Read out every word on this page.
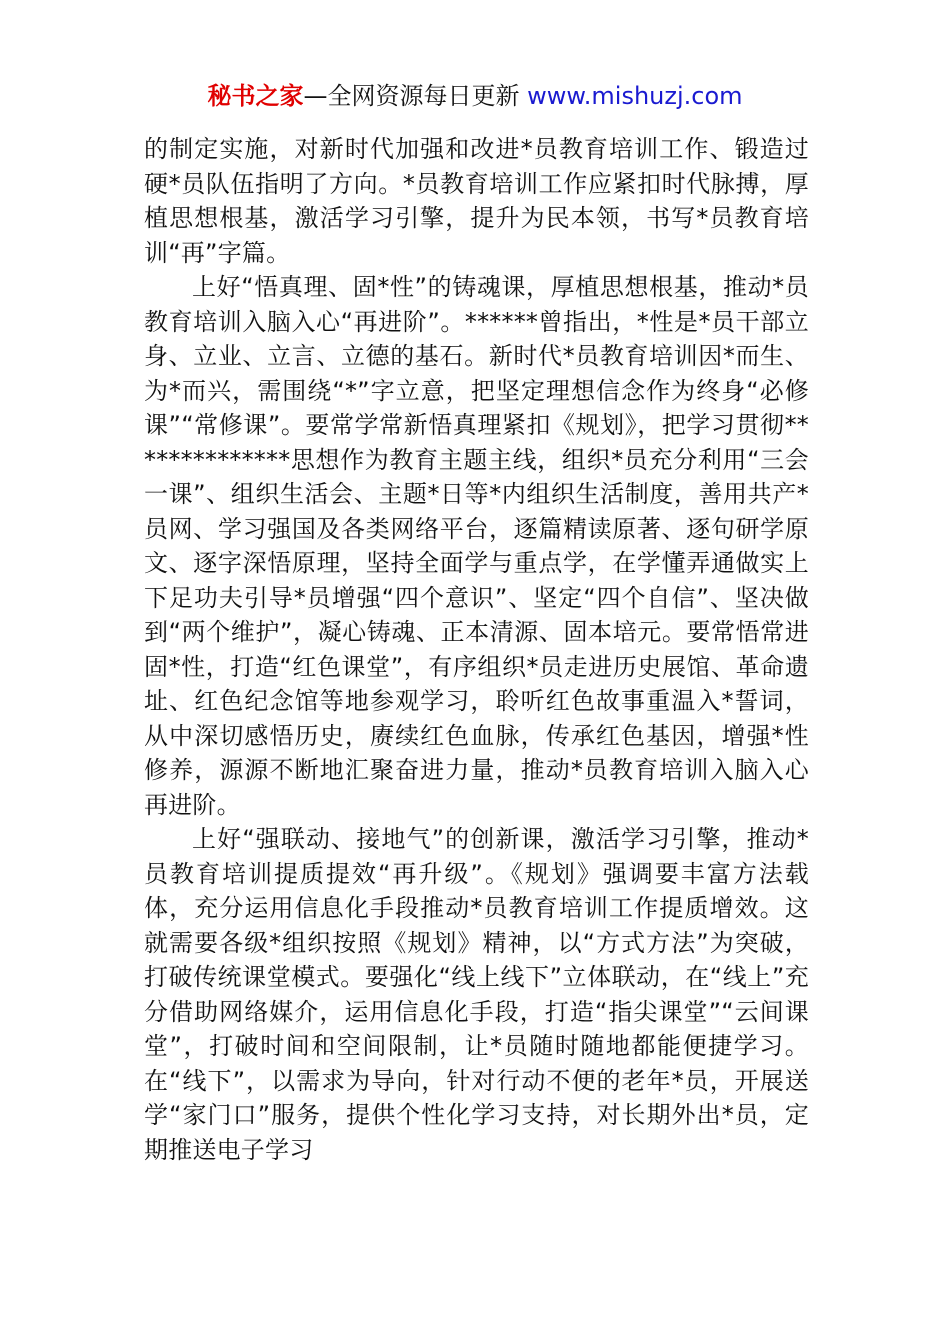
秘书之家—全网资源每日更新 www.mishuzj.com

的制定实施，对新时代加强和改进*员教育培训工作、锻造过硬*员队伍指明了方向。*员教育培训工作应紧扣时代脉搏，厚植思想根基，激活学习引擎，提升为民本领，书写*员教育培训“再”字篇。

上好“悟真理、固*性”的铸魂课，厚植思想根基，推动*员教育培训入脑入心“再进阶”。******曾指出，*性是*员干部立身、立业、立言、立德的基石。新时代*员教育培训因*而生、为*而兴，需围绕“*”字立意，把坚定理想信念作为终身“必修课”“常修课”。要常学常新悟真理紧扣《规划》，把学习贯彻**************思想作为教育主题主线，组织*员充分利用“三会一课”、组织生活会、主题*日等*内组织生活制度，善用共产*员网、学习强国及各类网络平台，逐篇精读原著、逐句研学原文、逐字深悟原理，坚持全面学与重点学，在学懂弄通做实上下足功夫引导*员增强“四个意识”、坚定“四个自信”、坚决做到“两个维护”，凝心铸魂、正本清源、固本培元。要常悟常进固*性，打造“红色课堂”，有序组织*员走进历史展馆、革命遗址、红色纪念馆等地参观学习，聆听红色故事重温入*誓词，从中深切感悟历史，赓续红色血脉，传承红色基因，增强*性修养，源源不断地汇聚奋进力量，推动*员教育培训入脑入心再进阶。

上好“强联动、接地气”的创新课，激活学习引擎，推动*员教育培训提质提效“再升级”。《规划》强调要丰富方法载体，充分运用信息化手段推动*员教育培训工作提质增效。这就需要各级*组织按照《规划》精神，以“方式方法”为突破，打破传统课堂模式。要强化“线上线下”立体联动，在“线上”充分借助网络媒介，运用信息化手段，打造“指尖课堂”“云间课堂”，打破时间和空间限制，让*员随时随地都能便捷学习。在“线下”，以需求为导向，针对行动不便的老年*员，开展送学“家门口”服务，提供个性化学习支持，对长期外出*员，定期推送电子学习
